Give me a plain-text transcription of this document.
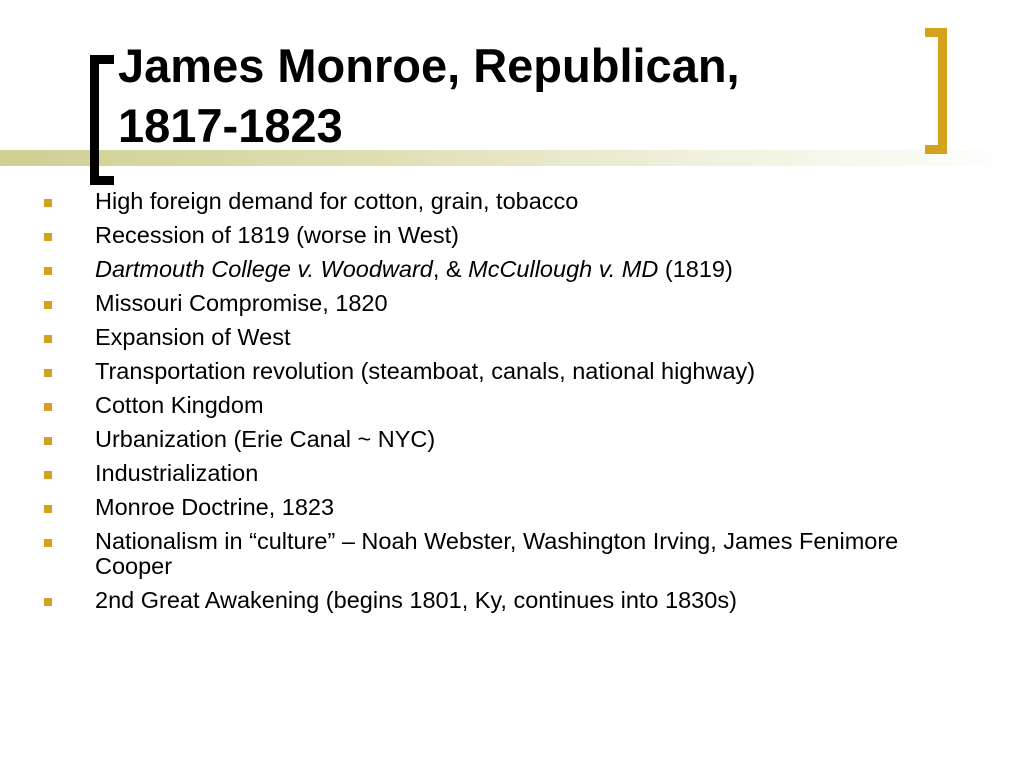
James Monroe, Republican,
1817-1823
High foreign demand for cotton, grain, tobacco
Recession of 1819 (worse in West)
Dartmouth College v. Woodward, & McCullough v. MD (1819)
Missouri Compromise, 1820
Expansion of West
Transportation revolution (steamboat, canals, national highway)
Cotton Kingdom
Urbanization (Erie Canal ~ NYC)
Industrialization
Monroe Doctrine, 1823
Nationalism in “culture” – Noah Webster, Washington Irving, James Fenimore Cooper
2nd Great Awakening (begins 1801, Ky, continues into 1830s)
